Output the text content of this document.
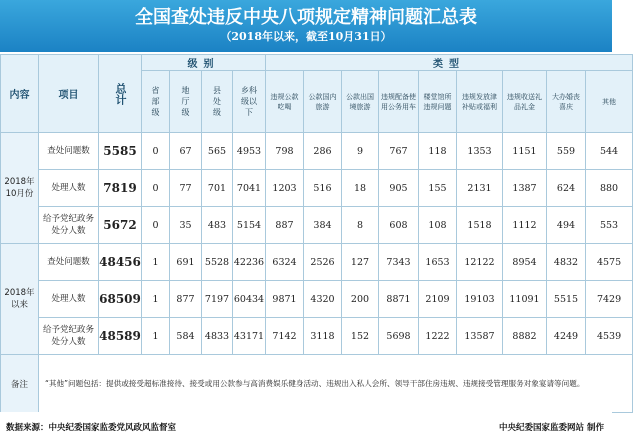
全国查处违反中央八项规定精神问题汇总表
（2018年以来，截至10月31日）
内容	项目	总计	级别				类型								
			省部级	地厅级	县处级	乡科级以下	违规公款吃喝	公款国内旅游	公款出国境旅游	违规配备使用公务用车	楼堂馆所违规问题	违规发放津补贴或福利	违规收送礼品礼金	大办婚丧喜庆	其他
2018年10月份	查处问题数	5585	0	67	565	4953	798	286	9	767	118	1353	1151	559	544
	处理人数	7819	0	77	701	7041	1203	516	18	905	155	2131	1387	624	880
	给予党纪政务处分人数	5672	0	35	483	5154	887	384	8	608	108	1518	1112	494	553
2018年以来	查处问题数	48456	1	691	5528	42236	6324	2526	127	7343	1653	12122	8954	4832	4575
	处理人数	68509	1	877	7197	60434	9871	4320	200	8871	2109	19103	11091	5515	7429
	给予党纪政务处分人数	48589	1	584	4833	43171	7142	3118	152	5698	1222	13587	8882	4249	4539
备注	“其他”问题包括：提供或接受超标准接待、接受或用公款参与高消费娱乐健身活动、违规出入私人会所、领导干部住房违规、违规接受管理服务对象宴请等问题。														
数据来源：中央纪委国家监委党风政风监督室	中央纪委国家监委网站 制作
